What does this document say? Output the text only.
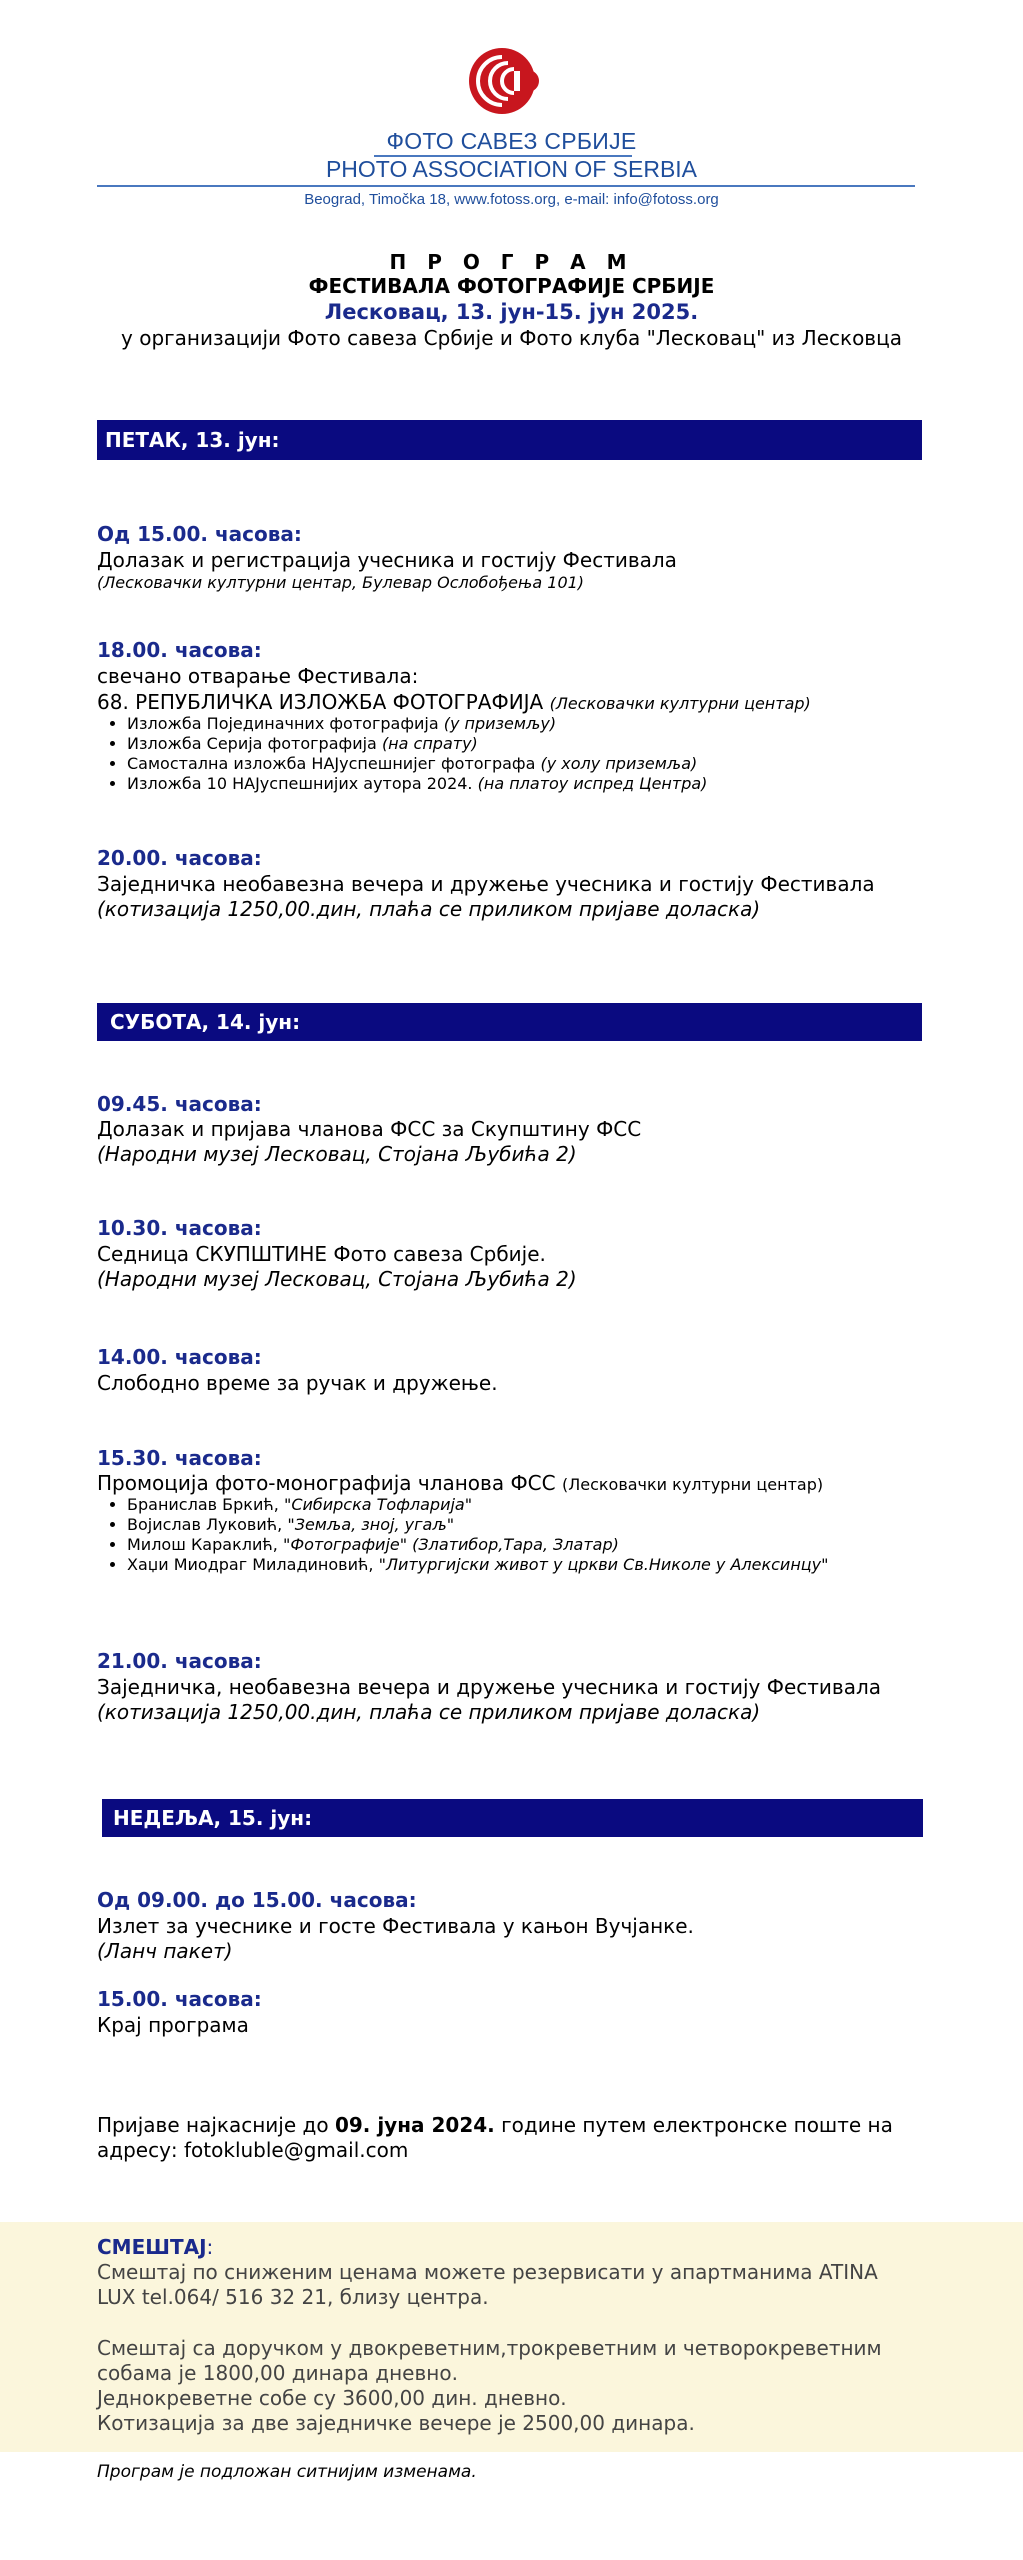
ФОТО САВЕЗ СРБИЈЕ
PHOTO ASSOCIATION OF SERBIA
Beograd, Timočka 18, www.fotoss.org, e-mail: info@fotoss.org
П Р О Г Р А М
ФЕСТИВАЛА ФОТОГРАФИЈЕ СРБИЈЕ
Лесковац, 13. јун-15. јун 2025.
у организацији Фото савеза Србије и Фото клуба "Лесковац" из Лесковца
ПЕТАК, 13. јун:
Од 15.00. часова:
Долазак и регистрација учесника и гостију Фестивала
(Лесковачки културни центар, Булевар Ослобођења 101)
18.00. часова:
свечано отварање Фестивала:
68. РЕПУБЛИЧКА ИЗЛОЖБА ФОТОГРАФИЈА (Лесковачки културни центар)
• Изложба Појединачних фотографија (у приземљу)
• Изложба Серија фотографија (на спрату)
• Самостална изложба НАЈуспешнијег фотографа (у холу приземља)
• Изложба 10 НАЈуспешнијих аутора 2024. (на платоу испред Центра)
20.00. часова:
Заједничка необавезна вечера и дружење учесника и гостију Фестивала
(котизација 1250,00.дин, плаћа се приликом пријаве доласка)
СУБОТА, 14. јун:
09.45. часова:
Долазак и пријава чланова ФСС за Скупштину ФСС
(Народни музеј Лесковац, Стојана Љубића 2)
10.30. часова:
Седница СКУПШТИНЕ Фото савеза Србије.
(Народни музеј Лесковац, Стојана Љубића 2)
14.00. часова:
Слободно време за ручак и дружење.
15.30. часова:
Промоција фото-монографија чланова ФСС (Лесковачки културни центар)
• Бранислав Бркић, "Сибирска Тофларија"
• Војислав Луковић, "Земља, зној, угаљ"
• Милош Караклић, "Фотографије" (Златибор,Тара, Златар)
• Хаџи Миодраг Миладиновић, "Литургијски живот у цркви Св.Николе у Алексинцу"
21.00. часова:
Заједничка, необавезна вечера и дружење учесника и гостију Фестивала
(котизација 1250,00.дин, плаћа се приликом пријаве доласка)
НЕДЕЉА, 15. јун:
Од 09.00. до 15.00. часова:
Излет за учеснике и госте Фестивала у кањон Вучјанке.
(Ланч пакет)
15.00. часова:
Крај програма
Пријаве најкасније до 09. јуна 2024. године путем електронске поште на адресу: fotokluble@gmail.com
СМЕШТАЈ:
Смештај по сниженим ценама можете резервисати у апартманима ATINA LUX tel.064/ 516 32 21, близу центра.
Смештај са доручком у двокреветним,трокреветним и четворокреветним собама је 1800,00 динара дневно.
Једнокреветне собе су 3600,00 дин. дневно.
Котизација за две заједничке вечере је 2500,00 динара.
Програм је подложан ситнијим изменама.
